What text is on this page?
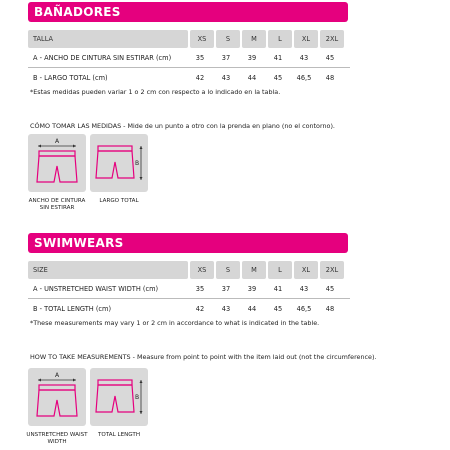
BAÑADORES
TALLA	XS	S	M	L	XL	2XL
A - ANCHO DE CINTURA SIN ESTIRAR (cm)	35	37	39	41	43	45
B - LARGO TOTAL (cm)	42	43	44	45	46,5	48
*Estas medidas pueden variar 1 o 2 cm con respecto a lo indicado en la tabla.
CÓMO TOMAR LAS MEDIDAS - Mide de un punto a otro con la prenda en plano (no el contorno).
A
B
ANCHO DE CINTURA SIN ESTIRAR
LARGO TOTAL
SWIMWEARS
SIZE	XS	S	M	L	XL	2XL
A - UNSTRETCHED WAIST WIDTH (cm)	35	37	39	41	43	45
B - TOTAL LENGTH (cm)	42	43	44	45	46,5	48
*These measurements may vary 1 or 2 cm in accordance to what is indicated in the table.
HOW TO TAKE MEASUREMENTS - Measure from point to point with the item laid out (not the circumference).
A
B
UNSTRETCHED WAIST WIDTH
TOTAL LENGTH
